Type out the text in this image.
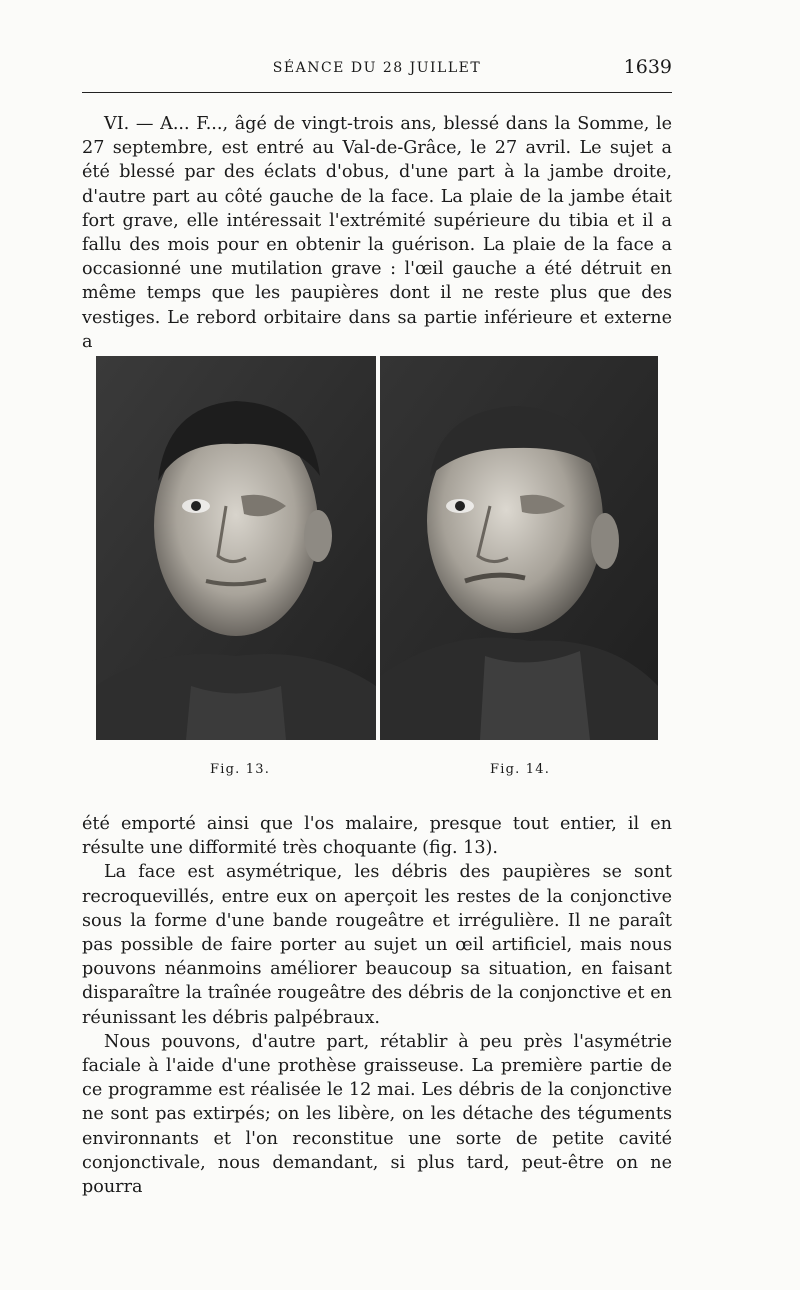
SÉANCE DU 28 JUILLET	1639

VI. — A... F..., âgé de vingt-trois ans, blessé dans la Somme, le 27 septembre, est entré au Val-de-Grâce, le 27 avril. Le sujet a été blessé par des éclats d'obus, d'une part à la jambe droite, d'autre part au côté gauche de la face. La plaie de la jambe était fort grave, elle intéressait l'extrémité supérieure du tibia et il a fallu des mois pour en obtenir la guérison. La plaie de la face a occasionné une mutilation grave : l'œil gauche a été détruit en même temps que les paupières dont il ne reste plus que des vestiges. Le rebord orbitaire dans sa partie inférieure et externe a

Fig. 13.	Fig. 14.

été emporté ainsi que l'os malaire, presque tout entier, il en résulte une difformité très choquante (fig. 13).

La face est asymétrique, les débris des paupières se sont recroquevillés, entre eux on aperçoit les restes de la conjonctive sous la forme d'une bande rougeâtre et irrégulière. Il ne paraît pas possible de faire porter au sujet un œil artificiel, mais nous pouvons néanmoins améliorer beaucoup sa situation, en faisant disparaître la traînée rougeâtre des débris de la conjonctive et en réunissant les débris palpébraux.

Nous pouvons, d'autre part, rétablir à peu près l'asymétrie faciale à l'aide d'une prothèse graisseuse. La première partie de ce programme est réalisée le 12 mai. Les débris de la conjonctive ne sont pas extirpés; on les libère, on les détache des téguments environnants et l'on reconstitue une sorte de petite cavité conjonctivale, nous demandant, si plus tard, peut-être on ne pourra
